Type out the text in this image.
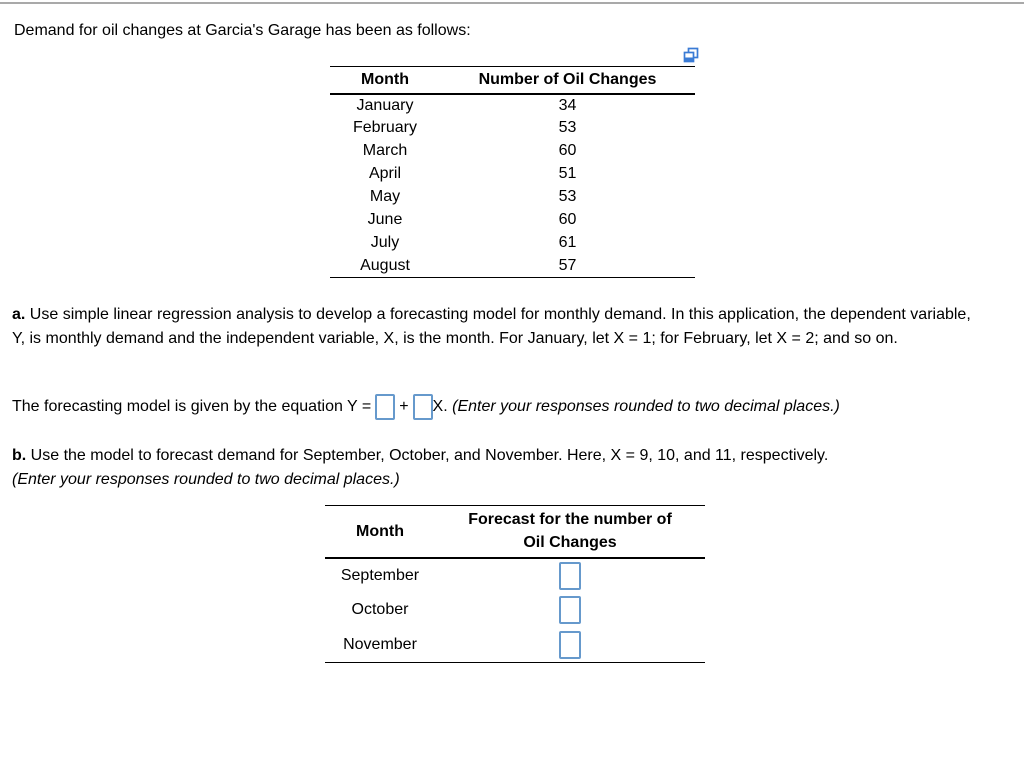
Demand for oil changes at Garcia's Garage has been as follows:

Month	Number of Oil Changes
January	34
February	53
March	60
April	51
May	53
June	60
July	61
August	57

a. Use simple linear regression analysis to develop a forecasting model for monthly demand. In this application, the dependent variable, Y, is monthly demand and the independent variable, X, is the month. For January, let X = 1; for February, let X = 2; and so on.

The forecasting model is given by the equation Y = + X. (Enter your responses rounded to two decimal places.)

b. Use the model to forecast demand for September, October, and November. Here, X = 9, 10, and 11, respectively.
(Enter your responses rounded to two decimal places.)

Month	Forecast for the number of Oil Changes
September	
October	
November	
